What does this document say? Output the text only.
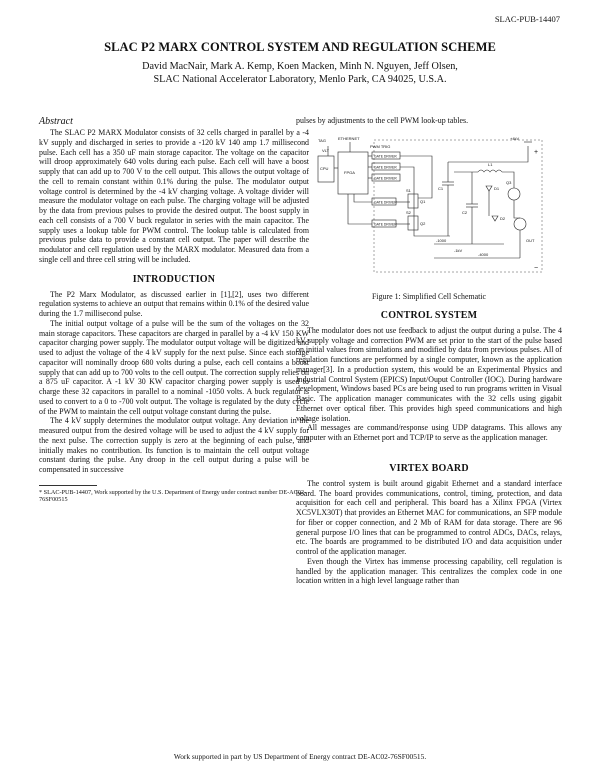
SLAC-PUB-14407
SLAC P2 MARX CONTROL SYSTEM AND REGULATION SCHEME
David MacNair, Mark A. Kemp, Koen Macken, Minh N. Nguyen, Jeff Olsen,
SLAC National Accelerator Laboratory, Menlo Park, CA 94025, U.S.A.
Abstract

The SLAC P2 MARX Modulator consists of 32 cells charged in parallel by a -4 kV supply and discharged in series to provide a -120 kV 140 amp 1.7 millisecond pulse. Each cell has a 350 uF main storage capacitor. The voltage on the capacitor will droop approximately 640 volts during each pulse. Each cell will have a boost supply that can add up to 700 V to the cell output. This allows the output voltage of the cell to remain constant within 0.1% during the pulse. The modulator output voltage control is determined by the -4 kV charging voltage. A voltage divider will measure the modulator voltage on each pulse. The charging voltage will be adjusted by the data from previous pulses to provide the desired output. The boost supply in each cell consists of a 700 V buck regulator in series with the main capacitor. The supply uses a lookup table for PWM control. The lookup table is calculated from previous pulse data to provide a constant cell output. The paper will describe the modulator and cell regulation used by the MARX modulator. Measured data from a single cell and three cell string will be included.

INTRODUCTION

The P2 Marx Modulator, as discussed earlier in [1],[2], uses two different regulation systems to achieve an output that remains within 0.1% of the desired value during the 1.7 millisecond pulse.

The initial output voltage of a pulse will be the sum of the voltages on the 32 main storage capacitors. These capacitors are charged in parallel by a -4 kV 150 KW capacitor charging power supply. The modulator output voltage will be digitized and used to adjust the voltage of the 4 kV supply for the next pulse. Since each storage capacitor will nominally droop 680 volts during a pulse, each cell contains a boost supply that can add up to 700 volts to the cell output. The correction supply relies on a 875 uF capacitor. A -1 kV 30 KW capacitor charging power supply is used to charge these 32 capacitors in parallel to a nominal -1050 volts. A buck regulator is used to convert to a 0 to -700 volt output. The voltage is regulated by the duty cycle of the PWM to maintain the cell output voltage constant during the pulse.

The 4 kV supply determines the modulator output voltage. Any deviation in the measured output from the desired voltage will be used to adjust the 4 kV supply for the next pulse. The correction supply is zero at the beginning of each pulse, and initially makes no contribution. Its function is to maintain the cell output voltage constant during the pulse. Any droop in the cell output during a pulse will be compensated in successive

* SLAC-PUB-14407, Work supported by the U.S. Department of Energy under contract number DE-AC02-76SF00515

pulses by adjustments to the cell PWM look-up tables.

TAG	ETHERNET
VLT
CPU
FPGA
PWM TRIG
GATE DRIVER
GATE DRIVER
GATE DRIVER
GATE DRIVER
GATE DRIVER
S1
S2
Q1
Q2
Q3
C1
C2
L1
D1
D2
+4kV
-1kV
-1000
-4000
OUT
+
−
Figure 1: Simplified Cell Schematic
CONTROL SYSTEM

The modulator does not use feedback to adjust the output during a pulse. The 4 kV supply voltage and correction PWM are set prior to the start of the pulse based on initial values from simulations and modified by data from previous pulses. All of regulation functions are performed by a single computer, known as the application manager[3]. In a production system, this would be an Experimental Physics and Industrial Control System (EPICS) Input/Ouput Controller (IOC). During hardware development, Windows based PCs are being used to run programs written in Visual Basic. The application manager communicates with the 32 cells using gigabit Ethernet over optical fiber. This provides high speed communications and high voltage isolation.

All messages are command/response using UDP datagrams. This allows any computer with an Ethernet port and TCP/IP to serve as the application manager.

VIRTEX BOARD

The control system is built around gigabit Ethernet and a standard interface board. The board provides communications, control, timing, protection, and data acquisition for each cell and peripheral. This board has a Xilinx FPGA (Virtex XC5VLX30T) that provides an Ethernet MAC for communications, an SFP module for fiber or copper connection, and 2 Mb of RAM for data storage. There are 96 general purpose I/O lines that can be programmed to control ADCs, DACs, relays, etc. The boards are programmed to be distributed I/O and data acquisition under control of the application manager.

Even though the Virtex has immense processing capability, cell regulation is handled by the application manager. This centralizes the complex code in one location written in a high level language rather than

Work supported in part by US Department of Energy contract DE-AC02-76SF00515.
